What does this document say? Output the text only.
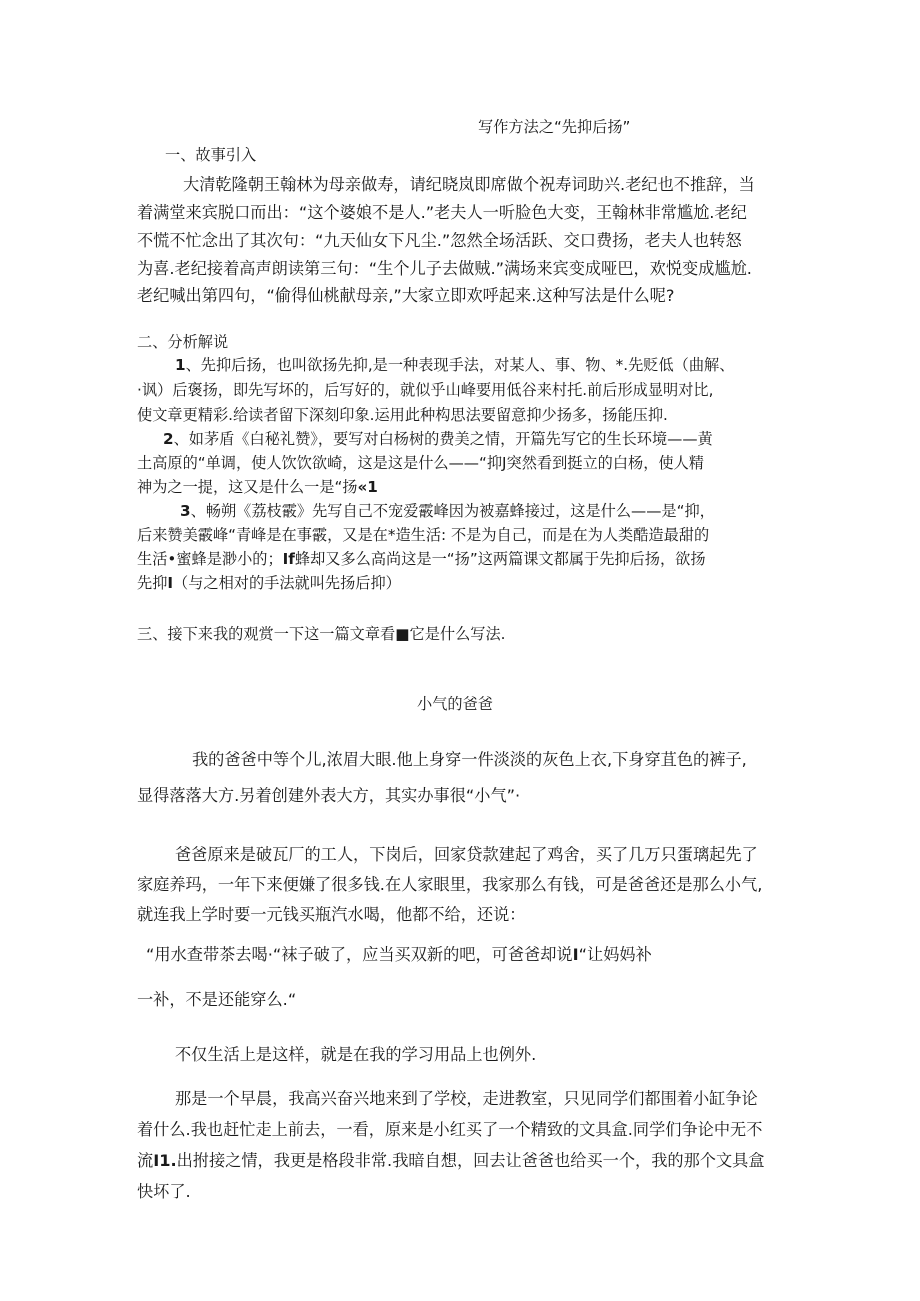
写作方法之“先抑后扬”
一、故事引入
大清乾隆朝王翰林为母亲做寿，请纪晓岚即席做个祝寿词助兴.老纪也不推辞，当
着满堂来宾脱口而出：“这个婆娘不是人.”老夫人一听脸色大变，王翰林非常尴尬.老纪
不慌不忙念出了其次句：“九天仙女下凡尘.”忽然全场活跃、交口费扬，老夫人也转怒
为喜.老纪接着高声朗读第三句：“生个儿子去做贼.”满场来宾变成哑巴，欢悦变成尴尬.
老纪喊出第四句，“偷得仙桃献母亲,”大家立即欢呼起来.这种写法是什么呢?
二、分析解说
1、先抑后扬，也叫欲扬先抑,是一种表现手法，对某人、事、物、*.先贬低（曲解、
·讽）后褒扬，即先写坏的，后写好的，就似乎山峰要用低谷来村托.前后形成显明对比,
使文章更精彩.给读者留下深刻印象.运用此种构思法要留意抑少扬多，扬能压抑.
2、如茅盾《白秘礼赞》，要写对白杨树的费美之情，开篇先写它的生长环境——黄
土高原的“单调，使人饮饮欲崎，这是这是什么——“抑J突然看到挺立的白杨，使人精
神为之一提，这又是什么一是“扬«1
3、畅朔《荔枝霰》先写自己不宠爱霰峰因为被嘉蜂接过，这是什么——是“抑，
后来赞美霰峰“青峰是在事霰，又是在*造生活: 不是为自己，而是在为人类酷造最甜的
生活•蜜蜂是渺小的；If蜂却又多么高尚这是一“扬”这两篇课文都属于先抑后扬，欲扬
先抑I（与之相对的手法就叫先扬后抑）
三、接下来我的观赏一下这一篇文章看■它是什么写法.
小气的爸爸
我的爸爸中等个儿,浓眉大眼.他上身穿一件淡淡的灰色上衣,下身穿苴色的裤子,
显得落落大方.另着创建外表大方，其实办事很“小气”·
爸爸原来是破瓦厂的工人，下岗后，回家贷款建起了鸡舍，买了几万只蛋璃起先了
家庭养玛，一年下来便嫌了很多钱.在人家眼里，我家那么有钱，可是爸爸还是那么小气,
就连我上学时要一元钱买瓶汽水喝，他都不给，还说：
“用水查带茶去喝·“袜子破了，应当买双新的吧，可爸爸却说I“让妈妈补
一补，不是还能穿么.“
不仅生活上是这样，就是在我的学习用品上也例外.
那是一个早晨，我高兴奋兴地来到了学校，走进教室，只见同学们都围着小缸争论
着什么.我也赶忙走上前去，一看，原来是小红买了一个精致的文具盒.同学们争论中无不
流I1.出拊接之情，我更是格段非常.我暗自想，回去让爸爸也给买一个，我的那个文具盒
快坏了.
